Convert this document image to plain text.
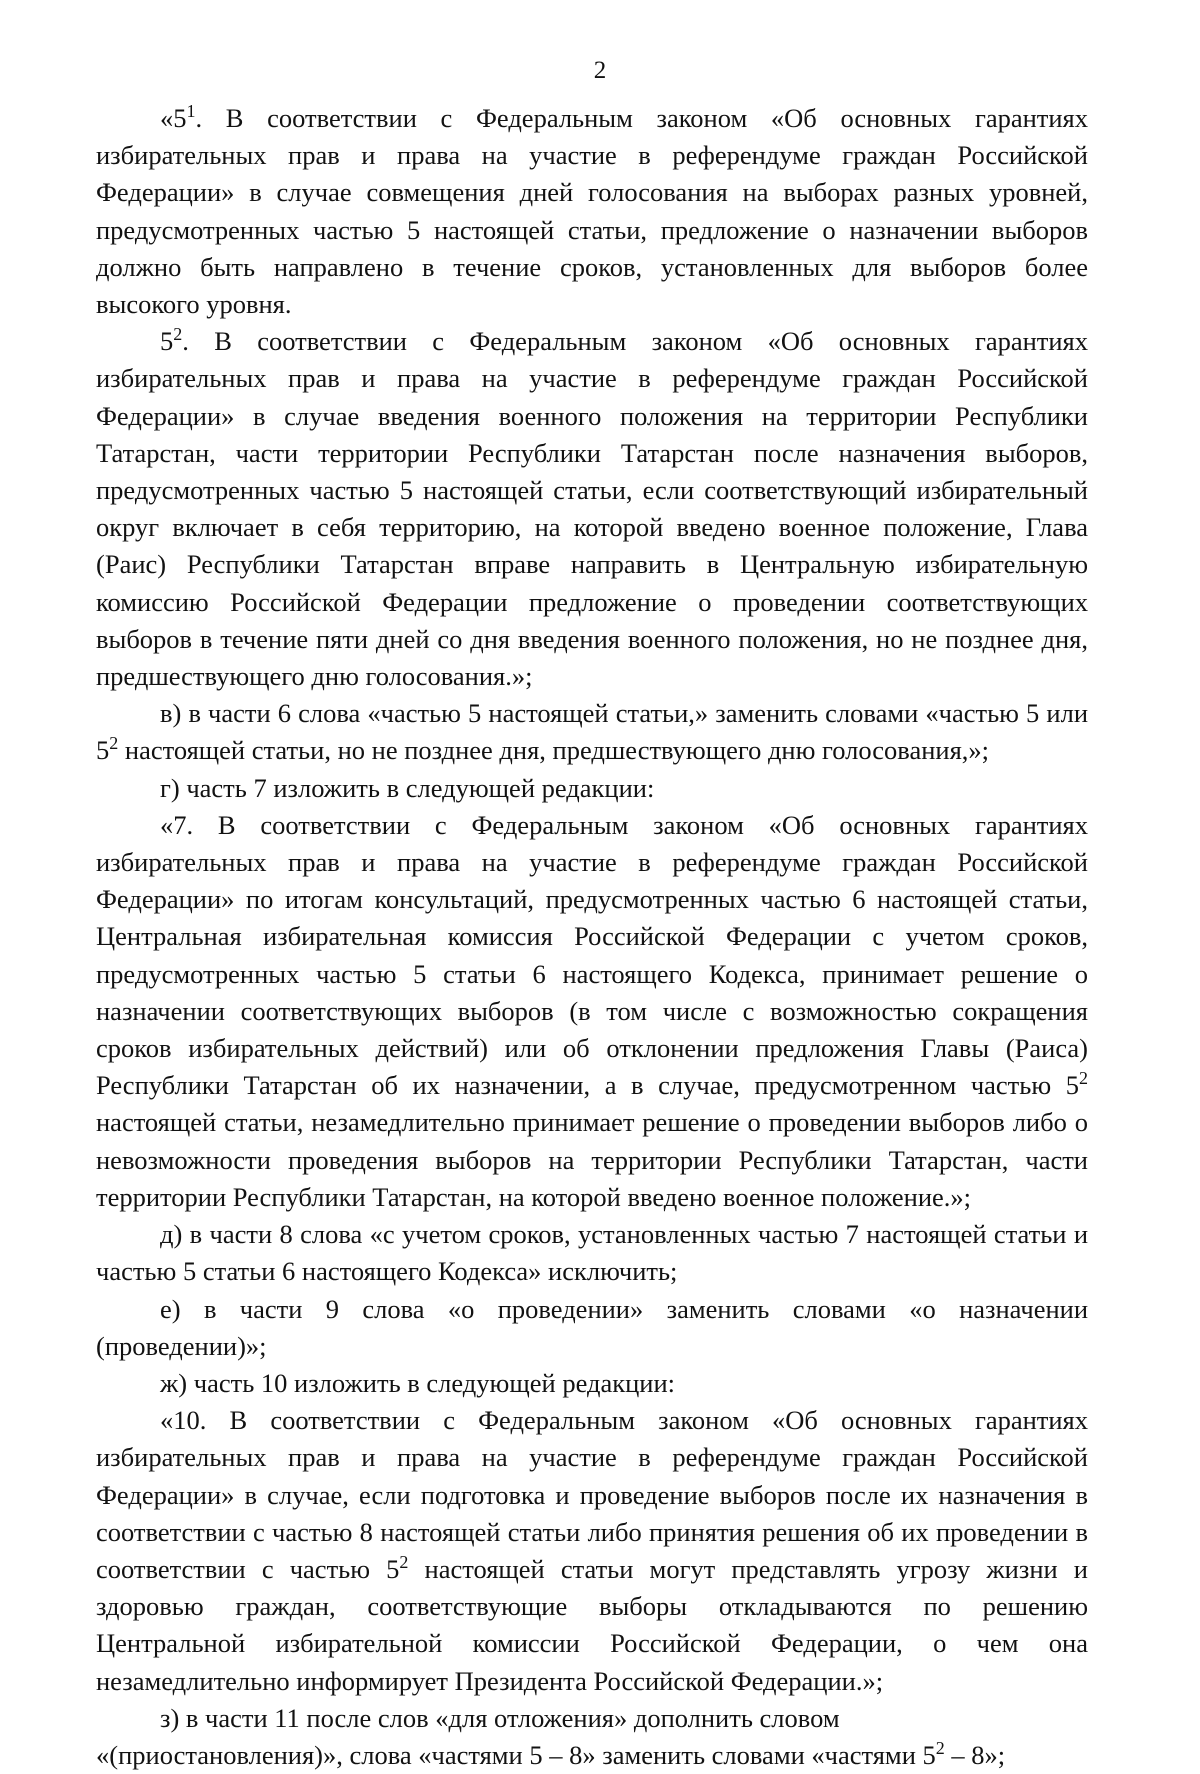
2

«$5^1$. В соответствии с Федеральным законом «Об основных гарантиях избирательных прав и права на участие в референдуме граждан Российской Федерации» в случае совмещения дней голосования на выборах разных уровней, предусмотренных частью 5 настоящей статьи, предложение о назначении выборов должно быть направлено в течение сроков, установленных для выборов более высокого уровня.

$5^2$. В соответствии с Федеральным законом «Об основных гарантиях избирательных прав и права на участие в референдуме граждан Российской Федерации» в случае введения военного положения на территории Республики Татарстан, части территории Республики Татарстан после назначения выборов, предусмотренных частью 5 настоящей статьи, если соответствующий избирательный округ включает в себя территорию, на которой введено военное положение, Глава (Раис) Республики Татарстан вправе направить в Центральную избирательную комиссию Российской Федерации предложение о проведении соответствующих выборов в течение пяти дней со дня введения военного положения, но не позднее дня, предшествующего дню голосования.»;

в) в части 6 слова «частью 5 настоящей статьи,» заменить словами «частью 5 или $5^2$ настоящей статьи, но не позднее дня, предшествующего дню голосования,»;

г) часть 7 изложить в следующей редакции:

«7. В соответствии с Федеральным законом «Об основных гарантиях избирательных прав и права на участие в референдуме граждан Российской Федерации» по итогам консультаций, предусмотренных частью 6 настоящей статьи, Центральная избирательная комиссия Российской Федерации с учетом сроков, предусмотренных частью 5 статьи 6 настоящего Кодекса, принимает решение о назначении соответствующих выборов (в том числе с возможностью сокращения сроков избирательных действий) или об отклонении предложения Главы (Раиса) Республики Татарстан об их назначении, а в случае, предусмотренном частью $5^2$ настоящей статьи, незамедлительно принимает решение о проведении выборов либо о невозможности проведения выборов на территории Республики Татарстан, части территории Республики Татарстан, на которой введено военное положение.»;

д) в части 8 слова «с учетом сроков, установленных частью 7 настоящей статьи и частью 5 статьи 6 настоящего Кодекса» исключить;

е) в части 9 слова «о проведении» заменить словами «о назначении (проведении)»;

ж) часть 10 изложить в следующей редакции:

«10. В соответствии с Федеральным законом «Об основных гарантиях избирательных прав и права на участие в референдуме граждан Российской Федерации» в случае, если подготовка и проведение выборов после их назначения в соответствии с частью 8 настоящей статьи либо принятия решения об их проведении в соответствии с частью $5^2$ настоящей статьи могут представлять угрозу жизни и здоровью граждан, соответствующие выборы откладываются по решению Центральной избирательной комиссии Российской Федерации, о чем она незамедлительно информирует Президента Российской Федерации.»;

з) в части 11 после слов «для отложения» дополнить словом «(приостановления)», слова «частями 5 – 8» заменить словами «частями $5^2 - 8$»;
